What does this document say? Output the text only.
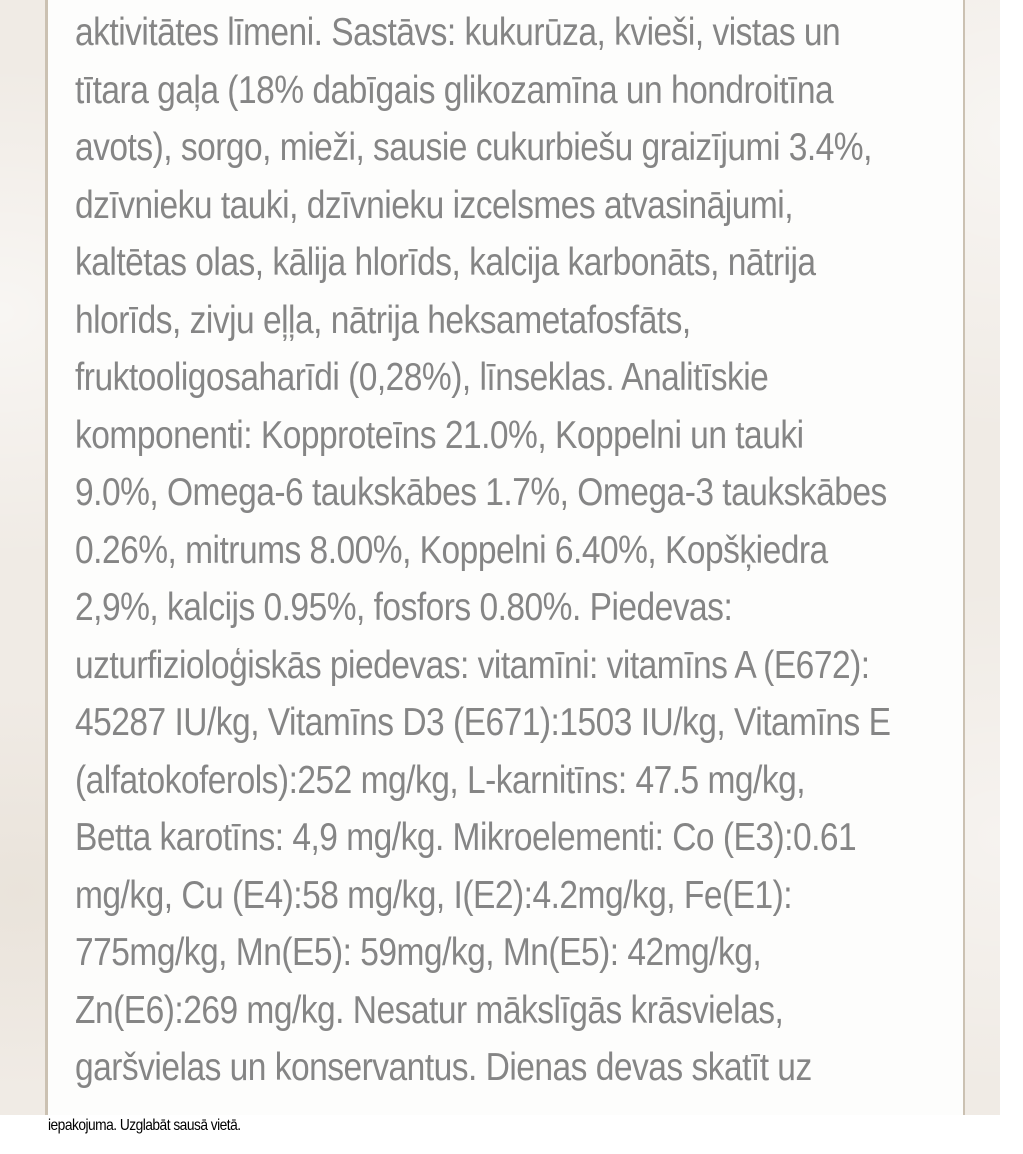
aktivitātes līmeni. Sastāvs: kukurūza, kvieši, vistas un
tītara gaļa (18% dabīgais glikozamīna un hondroitīna
avots), sorgo, mieži, sausie cukurbiešu graizījumi 3.4%,
dzīvnieku tauki, dzīvnieku izcelsmes atvasinājumi,
kaltētas olas, kālija hlorīds, kalcija karbonāts, nātrija
hlorīds, zivju eļļa, nātrija heksametafosfāts,
fruktooligosaharīdi (0,28%), līnseklas. Analitīskie
komponenti: Kopproteīns 21.0%, Koppelni un tauki
9.0%, Omega-6 taukskābes 1.7%, Omega-3 taukskābes
0.26%, mitrums 8.00%, Koppelni 6.40%, Kopšķiedra
2,9%, kalcijs 0.95%, fosfors 0.80%. Piedevas:
uzturfizioloģiskās piedevas: vitamīni: vitamīns A (E672):
45287 IU/kg, Vitamīns D3 (E671):1503 IU/kg, Vitamīns E
(alfatokoferols):252 mg/kg, L-karnitīns: 47.5 mg/kg,
Betta karotīns: 4,9 mg/kg. Mikroelementi: Co (E3):0.61
mg/kg, Cu (E4):58 mg/kg, I(E2):4.2mg/kg, Fe(E1):
775mg/kg, Mn(E5): 59mg/kg, Mn(E5): 42mg/kg,
Zn(E6):269 mg/kg. Nesatur mākslīgās krāsvielas,
garšvielas un konservantus. Dienas devas skatīt uz
iepakojuma. Uzglabāt sausā vietā.
